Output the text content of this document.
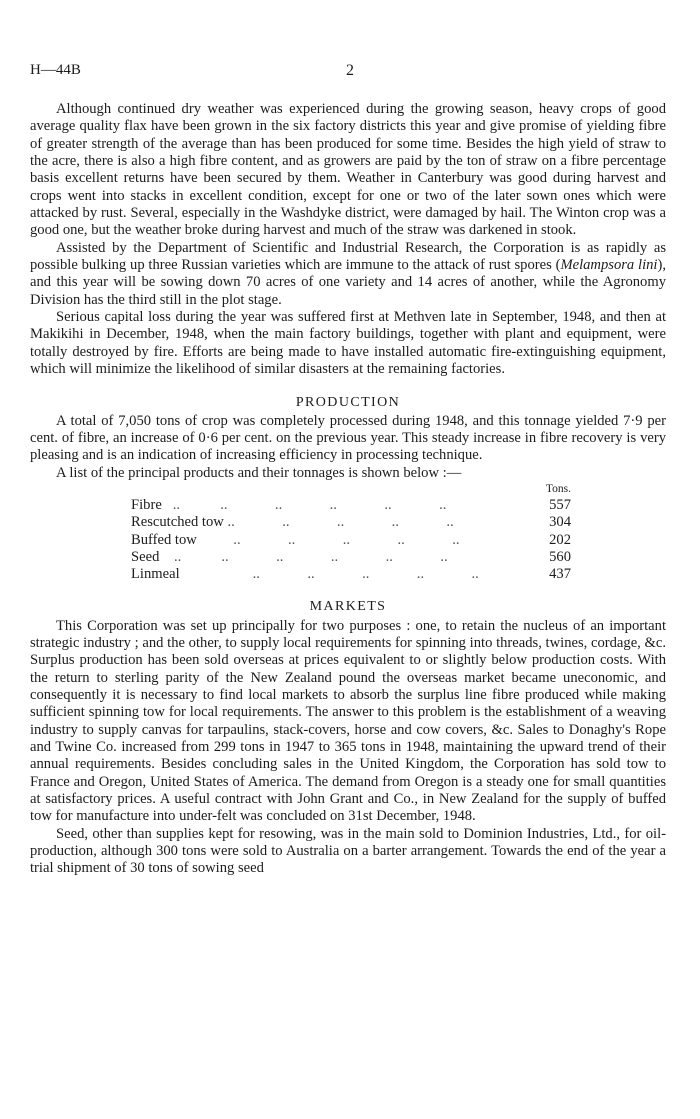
H—44B	2

Although continued dry weather was experienced during the growing season, heavy crops of good average quality flax have been grown in the six factory districts this year and give promise of yielding fibre of greater strength of the average than has been produced for some time. Besides the high yield of straw to the acre, there is also a high fibre content, and as growers are paid by the ton of straw on a fibre percentage basis excellent returns have been secured by them. Weather in Canterbury was good during harvest and crops went into stacks in excellent condition, except for one or two of the later sown ones which were attacked by rust. Several, especially in the Washdyke district, were damaged by hail. The Winton crop was a good one, but the weather broke during harvest and much of the straw was darkened in stook.

Assisted by the Department of Scientific and Industrial Research, the Corporation is as rapidly as possible bulking up three Russian varieties which are immune to the attack of rust spores (Melampsora lini), and this year will be sowing down 70 acres of one variety and 14 acres of another, while the Agronomy Division has the third still in the plot stage.

Serious capital loss during the year was suffered first at Methven late in September, 1948, and then at Makikihi in December, 1948, when the main factory buildings, together with plant and equipment, were totally destroyed by fire. Efforts are being made to have installed automatic fire-extinguishing equipment, which will minimize the likelihood of similar disasters at the remaining factories.

PRODUCTION

A total of 7,050 tons of crop was completely processed during 1948, and this tonnage yielded 7·9 per cent. of fibre, an increase of 0·6 per cent. on the previous year. This steady increase in fibre recovery is very pleasing and is an indication of increasing efficiency in processing technique.

A list of the principal products and their tonnages is shown below :—

Tons.
Fibre ..           ..             ..             ..             ..             ..	557
Rescutched tow ..             ..             ..             ..             ..	304
Buffed tow ..             ..             ..             ..             ..	202
Seed ..           ..             ..             ..             ..             ..	560
Linmeal ..             ..             ..             ..             ..	437
MARKETS

This Corporation was set up principally for two purposes : one, to retain the nucleus of an important strategic industry ; and the other, to supply local requirements for spinning into threads, twines, cordage, &c. Surplus production has been sold overseas at prices equivalent to or slightly below production costs. With the return to sterling parity of the New Zealand pound the overseas market became uneconomic, and consequently it is necessary to find local markets to absorb the surplus line fibre produced while making sufficient spinning tow for local requirements. The answer to this problem is the establishment of a weaving industry to supply canvas for tarpaulins, stack-covers, horse and cow covers, &c. Sales to Donaghy's Rope and Twine Co. increased from 299 tons in 1947 to 365 tons in 1948, maintaining the upward trend of their annual requirements. Besides concluding sales in the United Kingdom, the Corporation has sold tow to France and Oregon, United States of America. The demand from Oregon is a steady one for small quantities at satisfactory prices. A useful contract with John Grant and Co., in New Zealand for the supply of buffed tow for manufacture into under-felt was concluded on 31st December, 1948.

Seed, other than supplies kept for resowing, was in the main sold to Dominion Industries, Ltd., for oil-production, although 300 tons were sold to Australia on a barter arrangement. Towards the end of the year a trial shipment of 30 tons of sowing seed
